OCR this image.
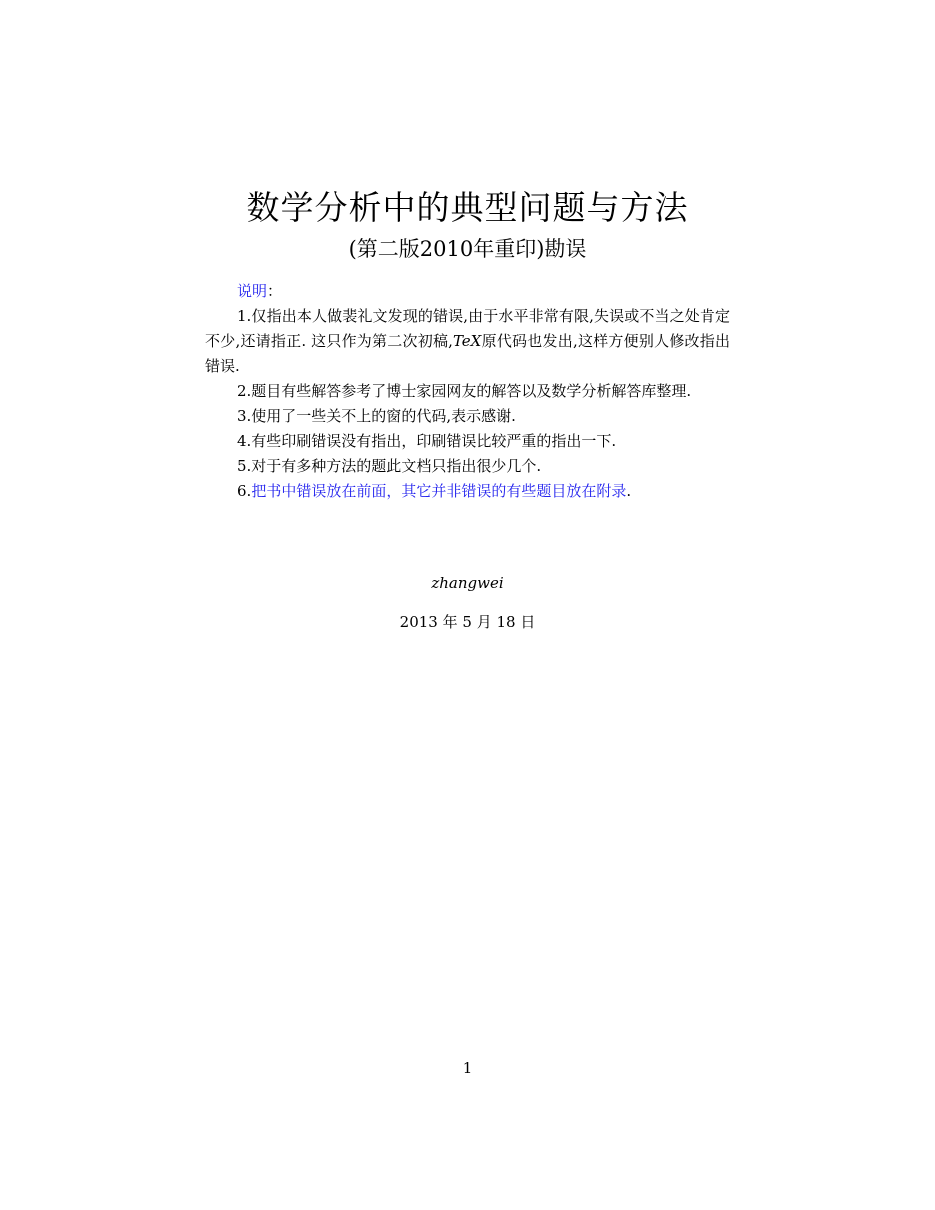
数学分析中的典型问题与方法
(第二版2010年重印)勘误

说明：

1.仅指出本人做裴礼文发现的错误,由于水平非常有限,失误或不当之处肯定不少,还请指正. 这只作为第二次初稿,TeX原代码也发出,这样方便别人修改指出错误.

2.题目有些解答参考了博士家园网友的解答以及数学分析解答库整理.

3.使用了一些关不上的窗的代码,表示感谢.

4.有些印刷错误没有指出，印刷错误比较严重的指出一下.

5.对于有多种方法的题此文档只指出很少几个.

6.把书中错误放在前面，其它并非错误的有些题目放在附录.

zhangwei
2013 年 5 月 18 日
1
